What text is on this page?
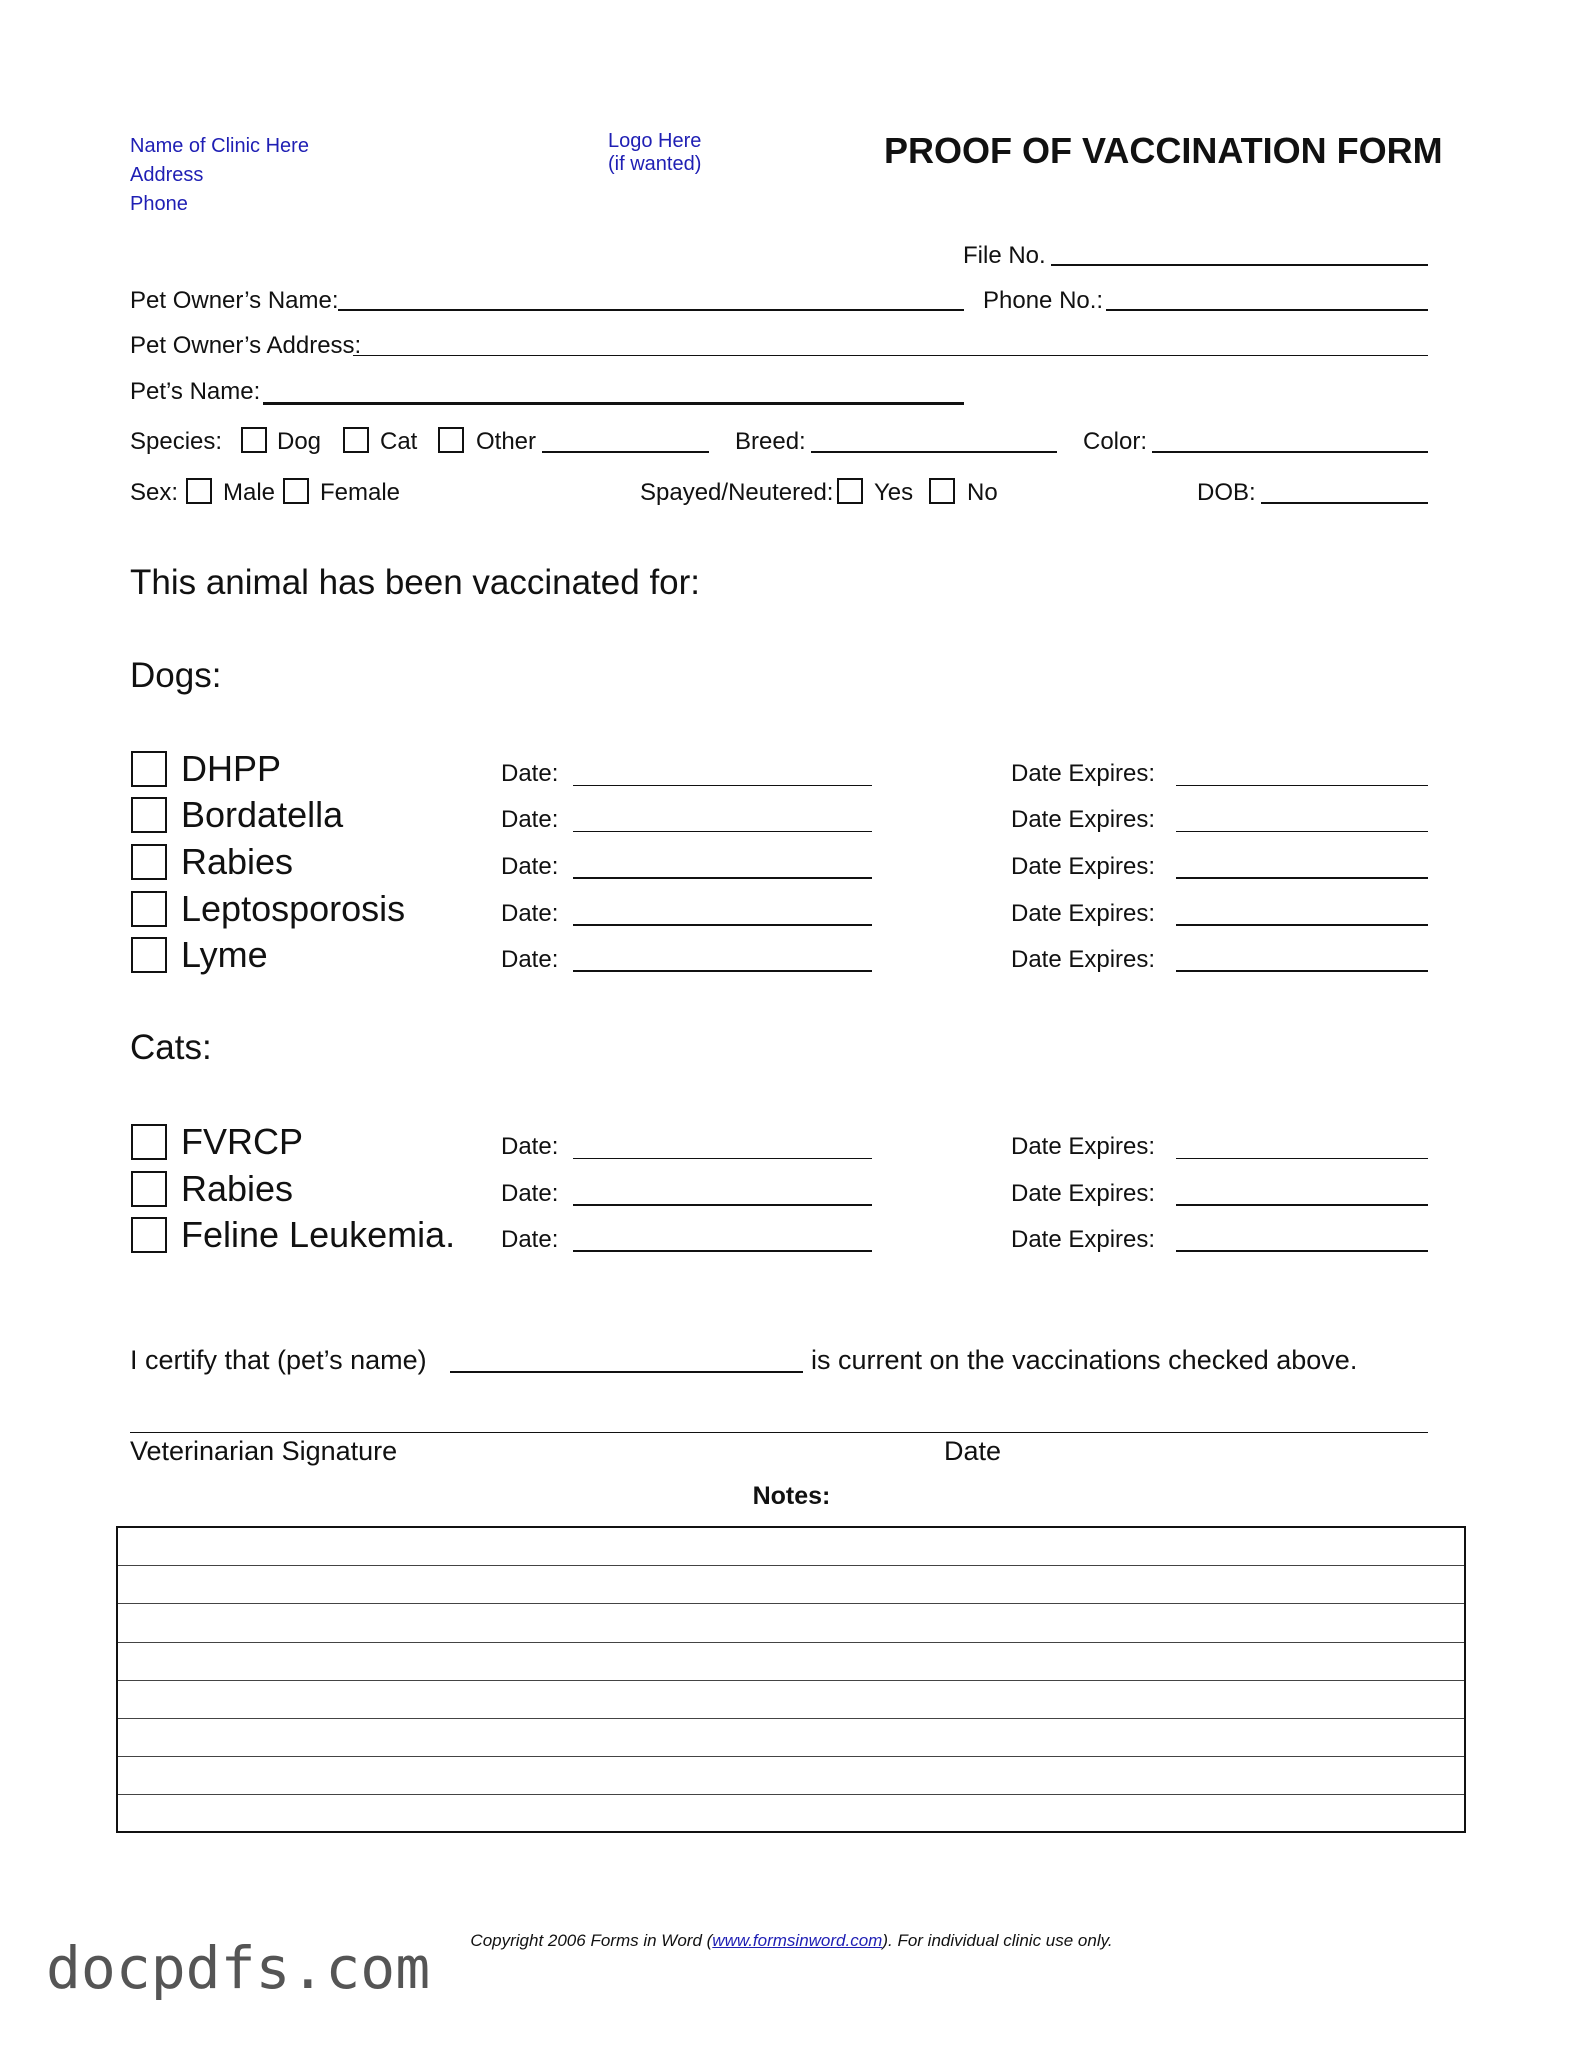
Name of Clinic Here
Address
Phone
Logo Here
(if wanted)	PROOF OF VACCINATION FORM
File No.
Pet Owner’s Name:	Phone No.:
Pet Owner’s Address:
Pet’s Name:
Species: Dog Cat Other	Breed:	Color:
Sex: Male Female	Spayed/Neutered: Yes No	DOB:
This animal has been vaccinated for:
Dogs:
DHPP	Date:	Date Expires:
Bordatella	Date:	Date Expires:
Rabies	Date:	Date Expires:
Leptosporosis	Date:	Date Expires:
Lyme	Date:	Date Expires:
Cats:
FVRCP	Date:	Date Expires:
Rabies	Date:	Date Expires:
Feline Leukemia. Date:	Date Expires:
I certify that (pet’s name)	is current on the vaccinations checked above.
Veterinarian Signature	Date
Notes:
Copyright 2006 Forms in Word (www.formsinword.com). For individual clinic use only.
docpdfs.com
